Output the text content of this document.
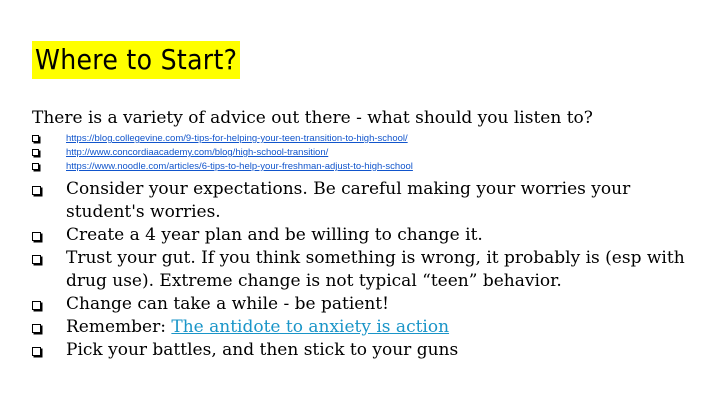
Where to Start?
There is a variety of advice out there - what should you listen to?
https://blog.collegevine.com/9-tips-for-helping-your-teen-transition-to-high-school/
http://www.concordiaacademy.com/blog/high-school-transition/
https://www.noodle.com/articles/6-tips-to-help-your-freshman-adjust-to-high-school
Consider your expectations. Be careful making your worries your student's worries.
Create a 4 year plan and be willing to change it.
Trust your gut. If you think something is wrong, it probably is (esp with drug use). Extreme change is not typical “teen” behavior.
Change can take a while - be patient!
Remember: The antidote to anxiety is action
Pick your battles, and then stick to your guns
